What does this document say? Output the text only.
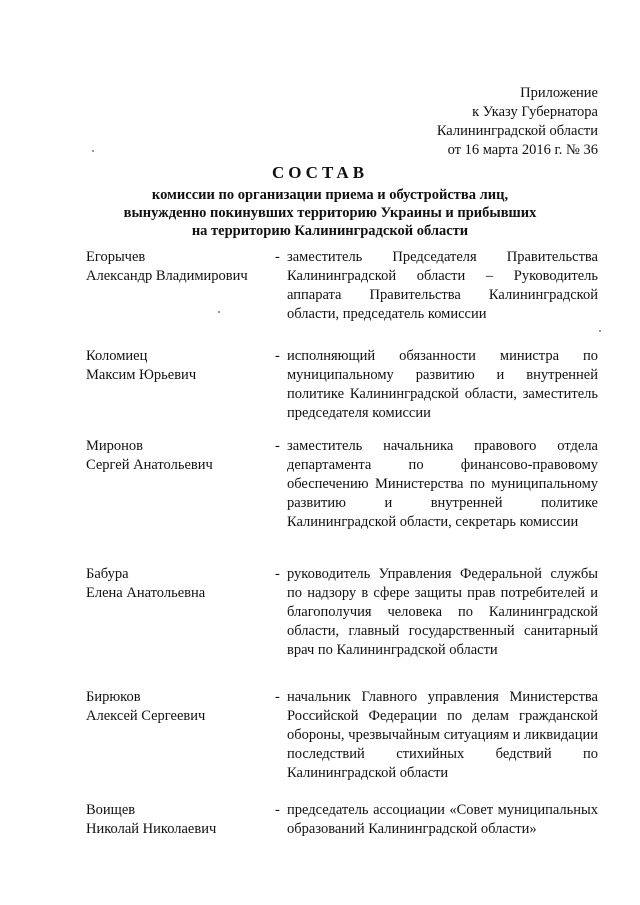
Приложение
к Указу Губернатора
Калининградской области
от 16 марта 2016 г. № 36
СОСТАВ
комиссии по организации приема и обустройства лиц,
вынужденно покинувших территорию Украины и прибывших
на территорию Калининградской области
Егорычев
Александр Владимирович
- заместитель Председателя Правительства Калининградской области – Руководитель аппарата Правительства Калининградской области, председатель комиссии
Коломиец
Максим Юрьевич
- исполняющий обязанности министра по муниципальному развитию и внутренней политике Калининградской области, заместитель председателя комиссии
Миронов
Сергей Анатольевич
- заместитель начальника правового отдела департамента по финансово-правовому обеспечению Министерства по муниципальному развитию и внутренней политике Калининградской области, секретарь комиссии
Бабура
Елена Анатольевна
- руководитель Управления Федеральной службы по надзору в сфере защиты прав потребителей и благополучия человека по Калининградской области, главный государственный санитарный врач по Калининградской области
Бирюков
Алексей Сергеевич
- начальник Главного управления Министерства Российской Федерации по делам гражданской обороны, чрезвычайным ситуациям и ликвидации последствий стихийных бедствий по Калининградской области
Воищев
Николай Николаевич
- председатель ассоциации «Совет муниципальных образований Калининградской области»
